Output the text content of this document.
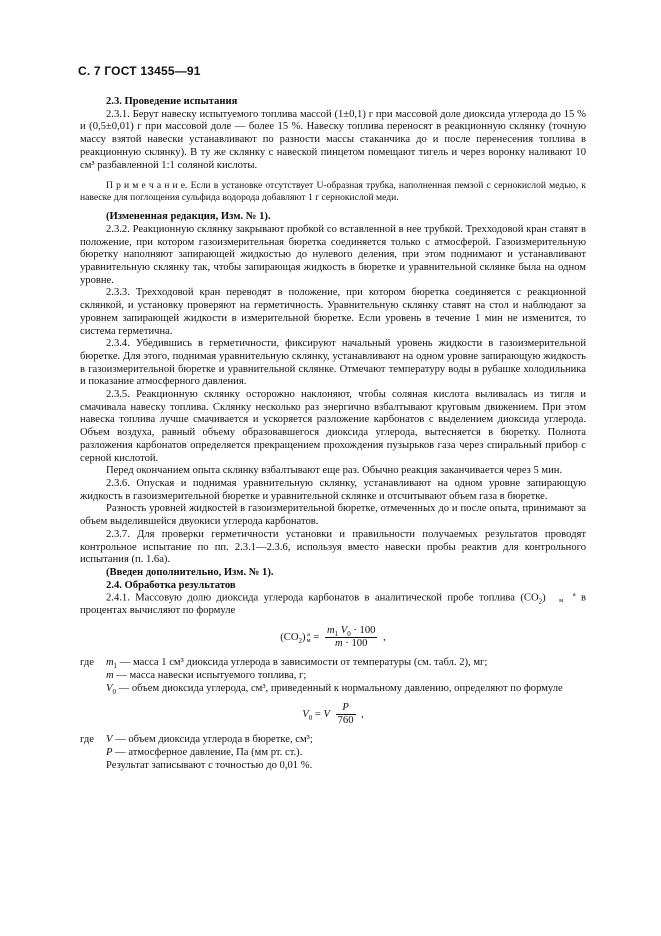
С. 7 ГОСТ 13455—91

2.3. Проведение испытания

2.3.1. Берут навеску испытуемого топлива массой (1±0,1) г при массовой доле диоксида углерода до 15 % и (0,5±0,01) г при массовой доле — более 15 %. Навеску топлива переносят в реакционную склянку (точную массу взятой навески устанавливают по разности массы стаканчика до и после перенесения топлива в реакционную склянку). В ту же склянку с навеской пинцетом помещают тигель и через воронку наливают 10 см³ разбавленной 1:1 соляной кислоты.

П р и м е ч а н и е. Если в установке отсутствует U-образная трубка, наполненная пемзой с сернокислой медью, к навеске для поглощения сульфида водорода добавляют 1 г сернокислой меди.

(Измененная редакция, Изм. № 1).

2.3.2. Реакционную склянку закрывают пробкой со вставленной в нее трубкой. Трехходовой кран ставят в положение, при котором газоизмерительная бюретка соединяется только с атмосферой. Газоизмерительную бюретку наполняют запирающей жидкостью до нулевого деления, при этом поднимают и устанавливают уравнительную склянку так, чтобы запирающая жидкость в бюретке и уравнительной склянке была на одном уровне.

2.3.3. Трехходовой кран переводят в положение, при котором бюретка соединяется с реакционной склянкой, и установку проверяют на герметичность. Уравнительную склянку ставят на стол и наблюдают за уровнем запирающей жидкости в измерительной бюретке. Если уровень в течение 1 мин не изменится, то система герметична.

2.3.4. Убедившись в герметичности, фиксируют начальный уровень жидкости в газоизмерительной бюретке. Для этого, поднимая уравнительную склянку, устанавливают на одном уровне запирающую жидкость в газоизмерительной бюретке и уравнительной склянке. Отмечают температуру воды в рубашке холодильника и показание атмосферного давления.

2.3.5. Реакционную склянку осторожно наклоняют, чтобы соляная кислота выливалась из тигля и смачивала навеску топлива. Склянку несколько раз энергично взбалтывают круговым движением. При этом навеска топлива лучше смачивается и ускоряется разложение карбонатов с выделением диоксида углерода. Объем воздуха, равный объему образовавшегося диоксида углерода, вытесняется в бюретку. Полнота разложения карбонатов определяется прекращением прохождения пузырьков газа через спиральный прибор с серной кислотой.

Перед окончанием опыта склянку взбалтывают еще раз. Обычно реакция заканчивается через 5 мин.

2.3.6. Опуская и поднимая уравнительную склянку, устанавливают на одном уровне запирающую жидкость в газоизмерительной бюретке и уравнительной склянке и отсчитывают объем газа в бюретке.

Разность уровней жидкостей в газоизмерительной бюретке, отмеченных до и после опыта, принимают за объем выделившейся двуокиси углерода карбонатов.

2.3.7. Для проверки герметичности установки и правильности получаемых результатов проводят контрольное испытание по пп. 2.3.1—2.3.6, используя вместо навески пробы реактив для контрольного испытания (п. 1.6а).

(Введен дополнительно, Изм. № 1).

2.4. Обработка результатов

2.4.1. Массовую долю диоксида углерода карбонатов в аналитической пробе топлива $(CO_2)$	a
м в процентах вычисляют по формуле

$(CO_2)$ a
$м = \frac{m_1 V_0 \cdot 100}{m \cdot 100}$ ,
где	$m_1$ — масса 1 см³ диоксида углерода в зависимости от температуры (см. табл. 2), мг;
m — масса навески испытуемого топлива, г;
$V_0$ — объем диоксида углерода, см³, приведенный к нормальному давлению, определяют по формуле
$V_0 = V \frac{P}{760}$ ,
где	V — объем диоксида углерода в бюретке, см³;
P — атмосферное давление, Па (мм рт. ст.).

Результат записывают с точностью до 0,01 %.
